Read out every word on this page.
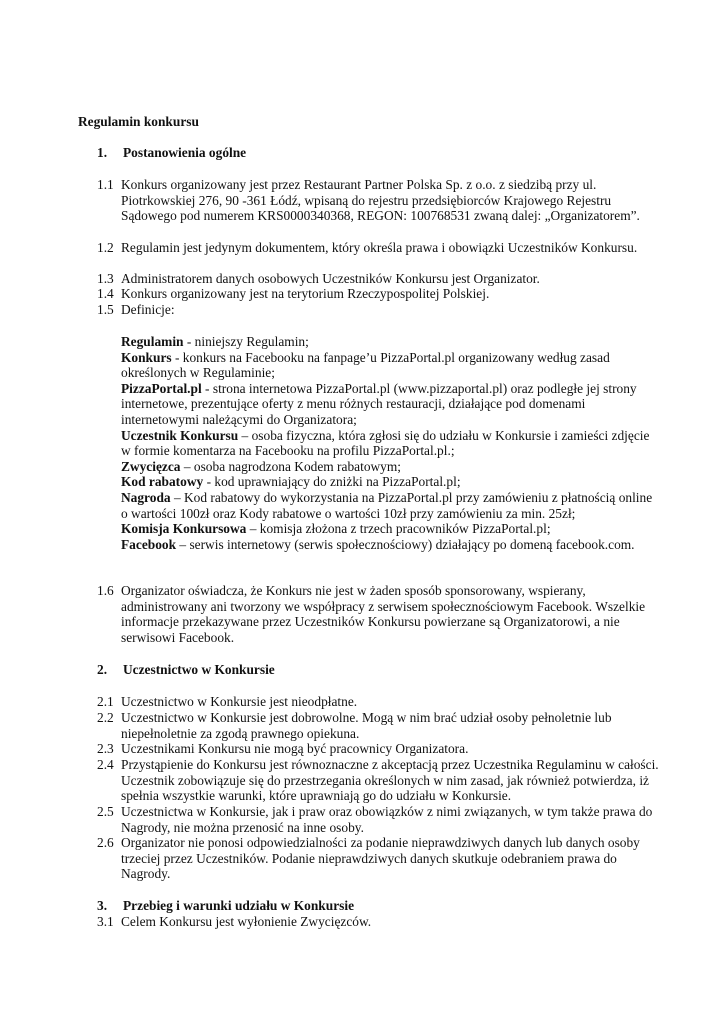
Regulamin konkursu
1. Postanowienia ogólne
1.1 Konkurs organizowany jest przez Restaurant Partner Polska Sp. z o.o. z siedzibą przy ul. Piotrkowskiej 276, 90 -361 Łódź, wpisaną do rejestru przedsiębiorców Krajowego Rejestru Sądowego pod numerem KRS0000340368, REGON: 100768531 zwaną dalej: „Organizatorem”.
1.2 Regulamin jest jedynym dokumentem, który określa prawa i obowiązki Uczestników Konkursu.
1.3 Administratorem danych osobowych Uczestników Konkursu jest Organizator.
1.4 Konkurs organizowany jest na terytorium Rzeczypospolitej Polskiej.
1.5 Definicje:
Regulamin - niniejszy Regulamin;
Konkurs - konkurs na Facebooku na fanpage’u PizzaPortal.pl organizowany według zasad określonych w Regulaminie;
PizzaPortal.pl - strona internetowa PizzaPortal.pl (www.pizzaportal.pl) oraz podległe jej strony internetowe, prezentujące oferty z menu różnych restauracji, działające pod domenami internetowymi należącymi do Organizatora;
Uczestnik Konkursu – osoba fizyczna, która zgłosi się do udziału w Konkursie i zamieści zdjęcie w formie komentarza na Facebooku na profilu PizzaPortal.pl.;
Zwycięzca – osoba nagrodzona Kodem rabatowym;
Kod rabatowy - kod uprawniający do zniżki na PizzaPortal.pl;
Nagroda – Kod rabatowy do wykorzystania na PizzaPortal.pl przy zamówieniu z płatnością online o wartości 100zł oraz Kody rabatowe o wartości 10zł przy zamówieniu za min. 25zł;
Komisja Konkursowa – komisja złożona z trzech pracowników PizzaPortal.pl;
Facebook – serwis internetowy (serwis społecznościowy) działający po domeną facebook.com.
1.6 Organizator oświadcza, że Konkurs nie jest w żaden sposób sponsorowany, wspierany, administrowany ani tworzony we współpracy z serwisem społecznościowym Facebook. Wszelkie informacje przekazywane przez Uczestników Konkursu powierzane są Organizatorowi, a nie serwisowi Facebook.
2. Uczestnictwo w Konkursie
2.1 Uczestnictwo w Konkursie jest nieodpłatne.
2.2 Uczestnictwo w Konkursie jest dobrowolne. Mogą w nim brać udział osoby pełnoletnie lub niepełnoletnie za zgodą prawnego opiekuna.
2.3 Uczestnikami Konkursu nie mogą być pracownicy Organizatora.
2.4 Przystąpienie do Konkursu jest równoznaczne z akceptacją przez Uczestnika Regulaminu w całości. Uczestnik zobowiązuje się do przestrzegania określonych w nim zasad, jak również potwierdza, iż spełnia wszystkie warunki, które uprawniają go do udziału w Konkursie.
2.5 Uczestnictwa w Konkursie, jak i praw oraz obowiązków z nimi związanych, w tym także prawa do Nagrody, nie można przenosić na inne osoby.
2.6 Organizator nie ponosi odpowiedzialności za podanie nieprawdziwych danych lub danych osoby trzeciej przez Uczestników. Podanie nieprawdziwych danych skutkuje odebraniem prawa do Nagrody.
3. Przebieg i warunki udziału w Konkursie
3.1 Celem Konkursu jest wyłonienie Zwycięzców.
